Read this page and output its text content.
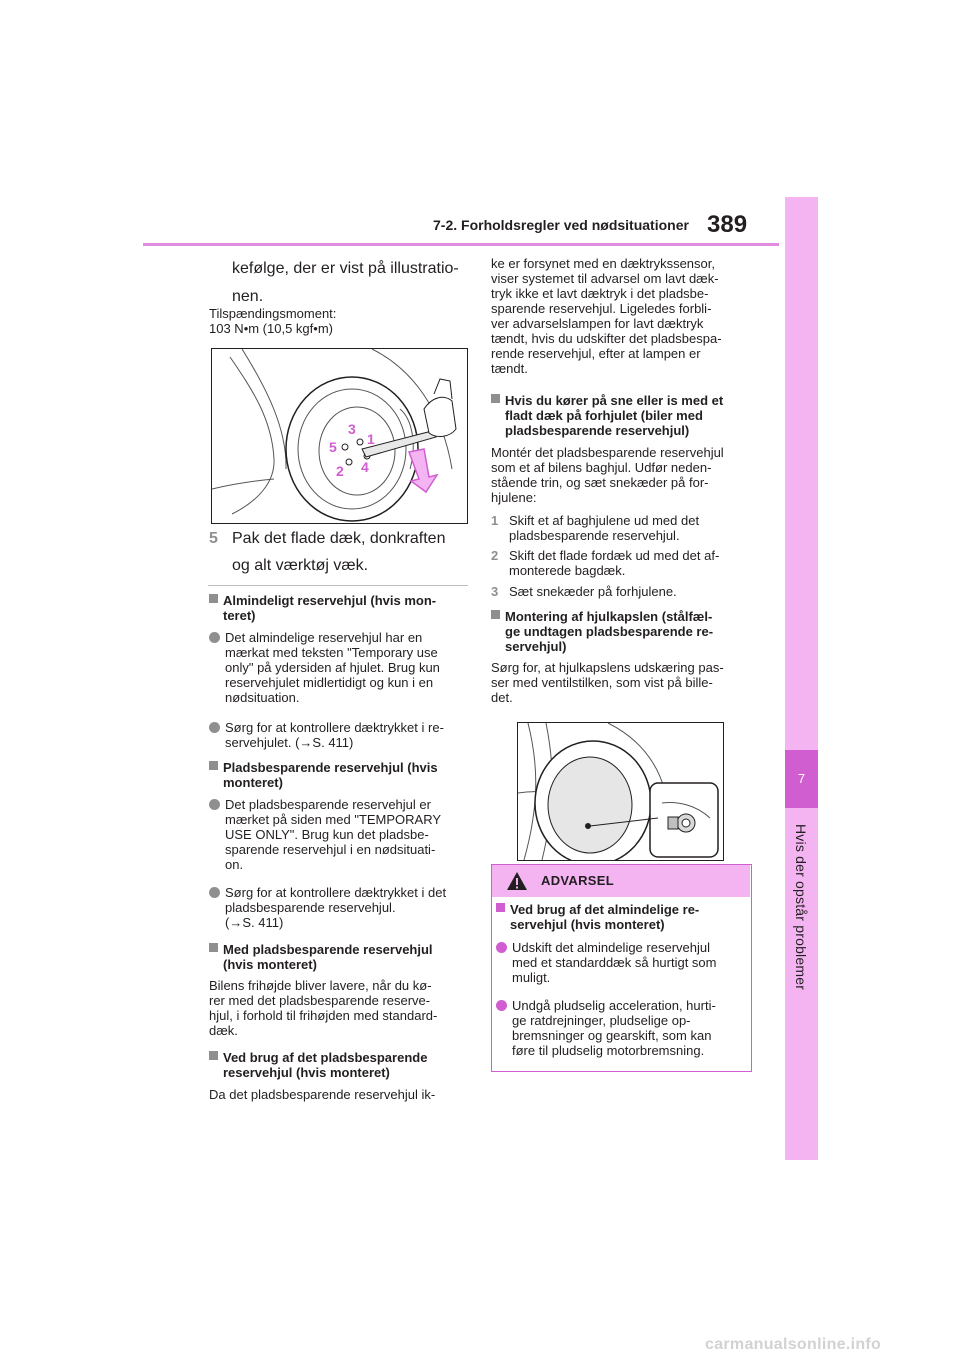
7-2. Forholdsregler ved nødsituationer 389
7
Hvis der opstår problemer
kefølge, der er vist på illustratio-
nen.
Tilspændingsmoment:
103 N•m (10,5 kgf•m)
3
1
5
2 4
5 Pak det flade dæk, donkraften
og alt værktøj væk.
Almindeligt reservehjul (hvis mon-
teret)
Det almindelige reservehjul har en
mærkat med teksten "Temporary use
only" på ydersiden af hjulet. Brug kun
reservehjulet midlertidigt og kun i en
nødsituation.
Sørg for at kontrollere dæktrykket i re-
servehjulet. (→S. 411)
Pladsbesparende reservehjul (hvis
monteret)
Det pladsbesparende reservehjul er
mærket på siden med "TEMPORARY
USE ONLY". Brug kun det pladsbe-
sparende reservehjul i en nødsituati-
on.
Sørg for at kontrollere dæktrykket i det
pladsbesparende reservehjul.
(→S. 411)
Med pladsbesparende reservehjul
(hvis monteret)
Bilens frihøjde bliver lavere, når du kø-
rer med det pladsbesparende reserve-
hjul, i forhold til frihøjden med standard-
dæk.
Ved brug af det pladsbesparende
reservehjul (hvis monteret)
Da det pladsbesparende reservehjul ik-
ke er forsynet med en dæktrykssensor,
viser systemet til advarsel om lavt dæk-
tryk ikke et lavt dæktryk i det pladsbe-
sparende reservehjul. Ligeledes forbli-
ver advarselslampen for lavt dæktryk
tændt, hvis du udskifter det pladsbespa-
rende reservehjul, efter at lampen er
tændt.
Hvis du kører på sne eller is med et
fladt dæk på forhjulet (biler med
pladsbesparende reservehjul)
Montér det pladsbesparende reservehjul
som et af bilens baghjul. Udfør neden-
stående trin, og sæt snekæder på for-
hjulene:
1 Skift et af baghjulene ud med det
pladsbesparende reservehjul.
2 Skift det flade fordæk ud med det af-
monterede bagdæk.
3 Sæt snekæder på forhjulene.
Montering af hjulkapslen (stålfæl-
ge undtagen pladsbesparende re-
servehjul)
Sørg for, at hjulkapslens udskæring pas-
ser med ventilstilken, som vist på bille-
det.
ADVARSEL
Ved brug af det almindelige re-
servehjul (hvis monteret)
Udskift det almindelige reservehjul
med et standarddæk så hurtigt som
muligt.
Undgå pludselig acceleration, hurti-
ge ratdrejninger, pludselige op-
bremsninger og gearskift, som kan
føre til pludselig motorbremsning.
carmanualsonline.info
